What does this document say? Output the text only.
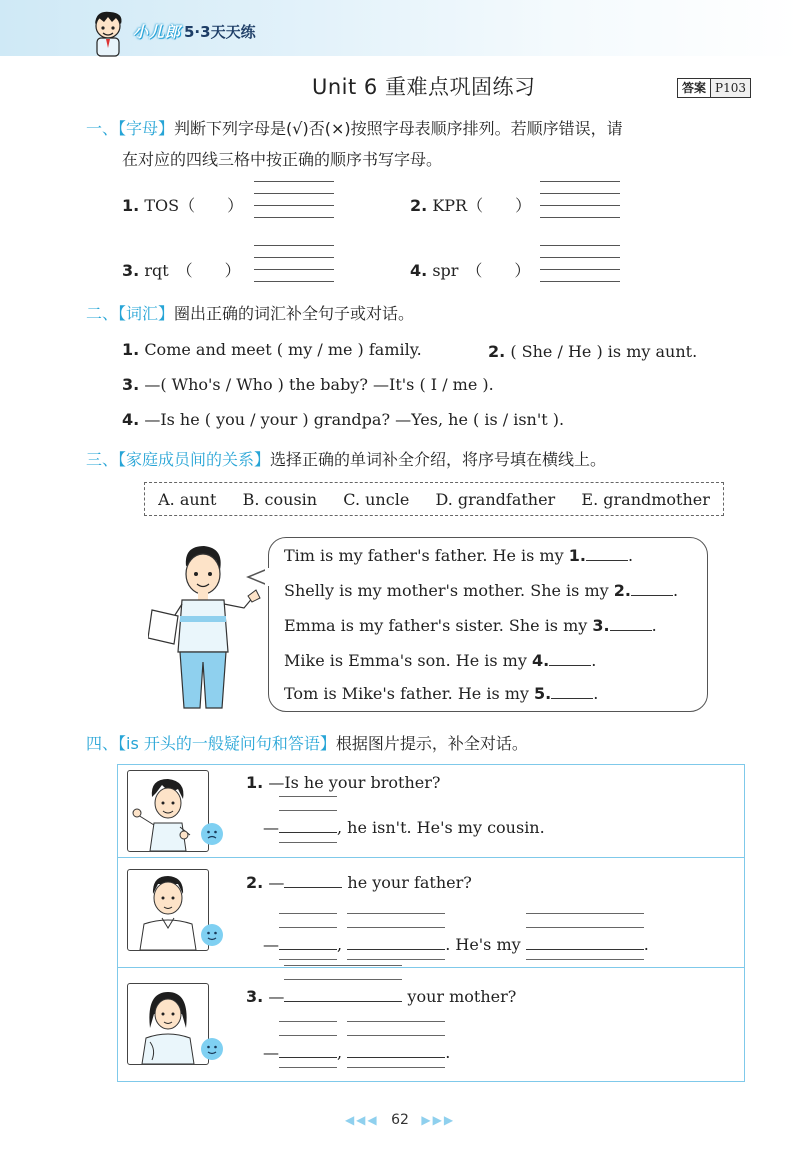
小儿郎 5·3天天练
Unit 6 重难点巩固练习	答案 P103
一、【字母】判断下列字母是(√)否(×)按照字母表顺序排列。若顺序错误，请
在对应的四线三格中按正确的顺序书写字母。
1. TOS（　　）	2. KPR（　　）
3. rqt　（　　）	4. spr　（　　）
二、【词汇】圈出正确的词汇补全句子或对话。
1. Come and meet ( my / me ) family.	2. ( She / He ) is my aunt.
3. —( Who's / Who ) the baby? —It's ( I / me ).
4. —Is he ( you / your ) grandpa? —Yes, he ( is / isn't ).
三、【家庭成员间的关系】选择正确的单词补全介绍，将序号填在横线上。
A. aunt B. cousin C. uncle D. grandfather E. grandmother
Tim is my father's father. He is my 1.	.
Shelly is my mother's mother. She is my 2.	.
Emma is my father's sister. She is my 3.	.
Mike is Emma's son. He is my 4.	.
Tom is Mike's father. He is my 5.	.
四、【is 开头的一般疑问句和答语】根据图片提示，补全对话。
1. —Is he your brother?
—	, he isn't. He's my cousin.
2. —	he your father?
—	,	. He's my	.
3. —	your mother?
—	,	.
◀◀◀ 62 ▶▶▶
